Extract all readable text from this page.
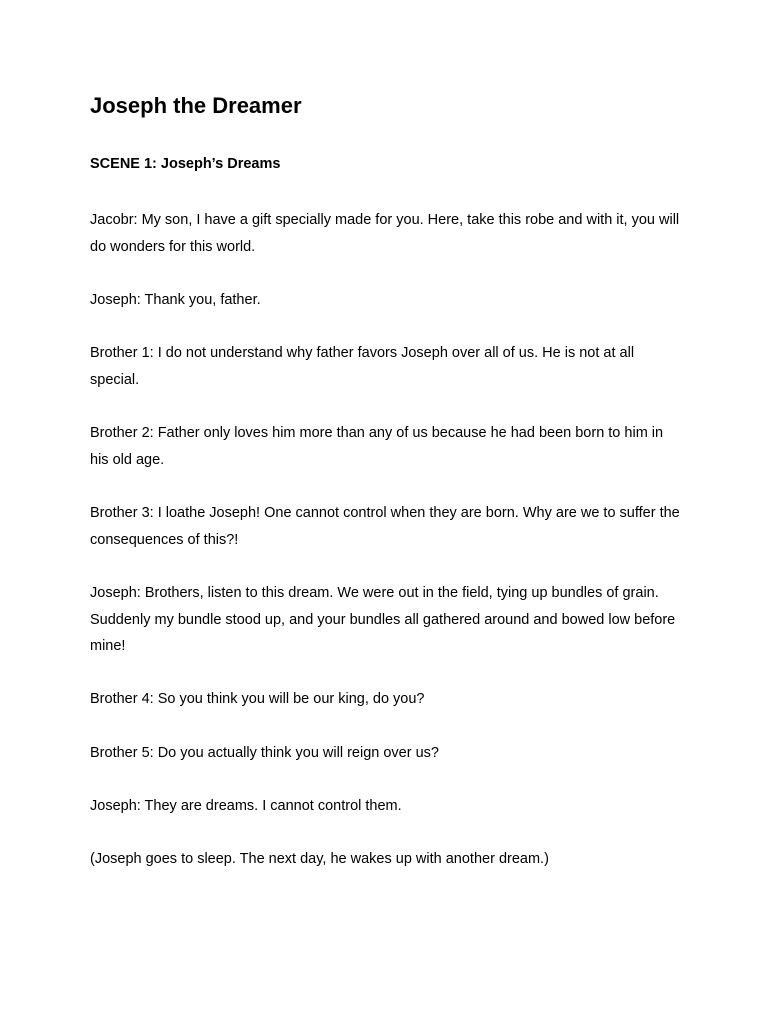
Joseph the Dreamer
SCENE 1: Joseph’s Dreams

Jacobr: My son, I have a gift specially made for you. Here, take this robe and with it, you will do wonders for this world.

Joseph: Thank you, father.

Brother 1: I do not understand why father favors Joseph over all of us. He is not at all special.

Brother 2: Father only loves him more than any of us because he had been born to him in his old age.

Brother 3: I loathe Joseph! One cannot control when they are born. Why are we to suffer the consequences of this?!

Joseph: Brothers, listen to this dream. We were out in the field, tying up bundles of grain. Suddenly my bundle stood up, and your bundles all gathered around and bowed low before mine!

Brother 4: So you think you will be our king, do you?

Brother 5: Do you actually think you will reign over us?

Joseph: They are dreams. I cannot control them.

(Joseph goes to sleep. The next day, he wakes up with another dream.)
